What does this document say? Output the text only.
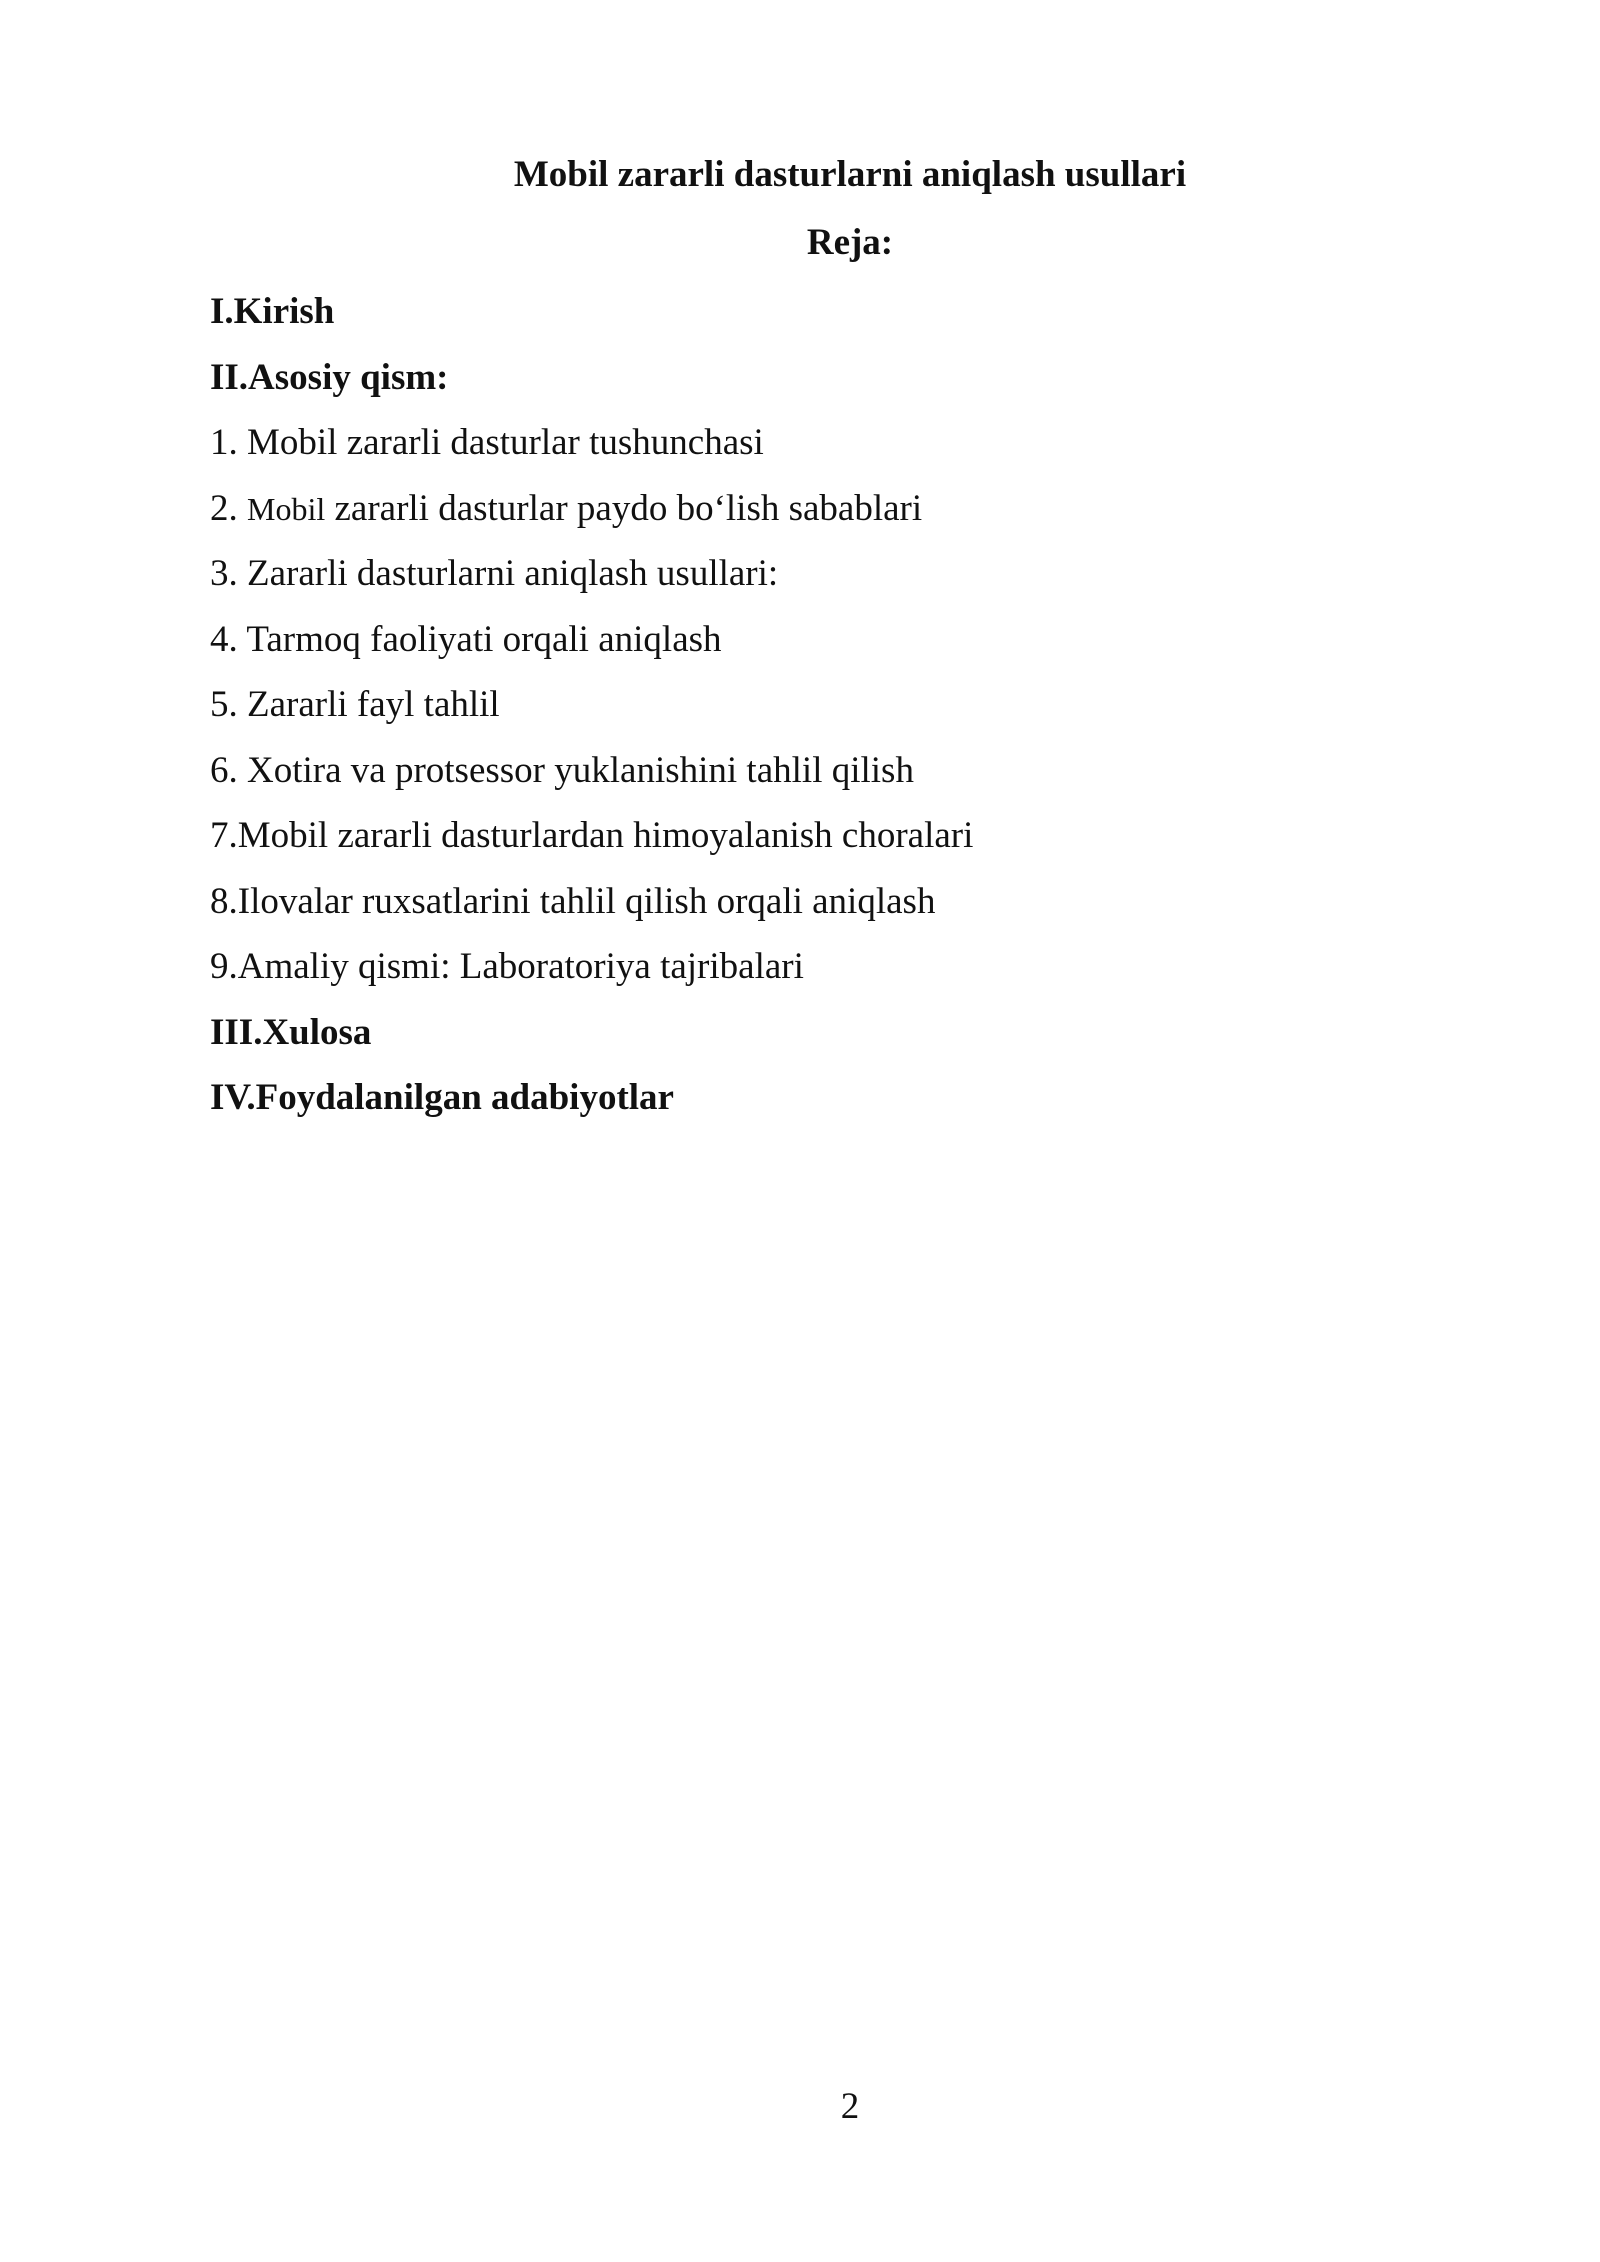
Mobil zararli dasturlarni aniqlash usullari
Reja:
I.Kirish
II.Asosiy qism:
1. Mobil zararli dasturlar tushunchasi
2. Mobil zararli dasturlar paydo bo‘lish sabablari
3. Zararli dasturlarni aniqlash usullari:
4. Tarmoq faoliyati orqali aniqlash
5. Zararli fayl tahlil
6. Xotira va protsessor yuklanishini tahlil qilish
7.Mobil zararli dasturlardan himoyalanish choralari
8.Ilovalar ruxsatlarini tahlil qilish orqali aniqlash
9.Amaliy qismi: Laboratoriya tajribalari
III.Xulosa
IV.Foydalanilgan adabiyotlar
2
